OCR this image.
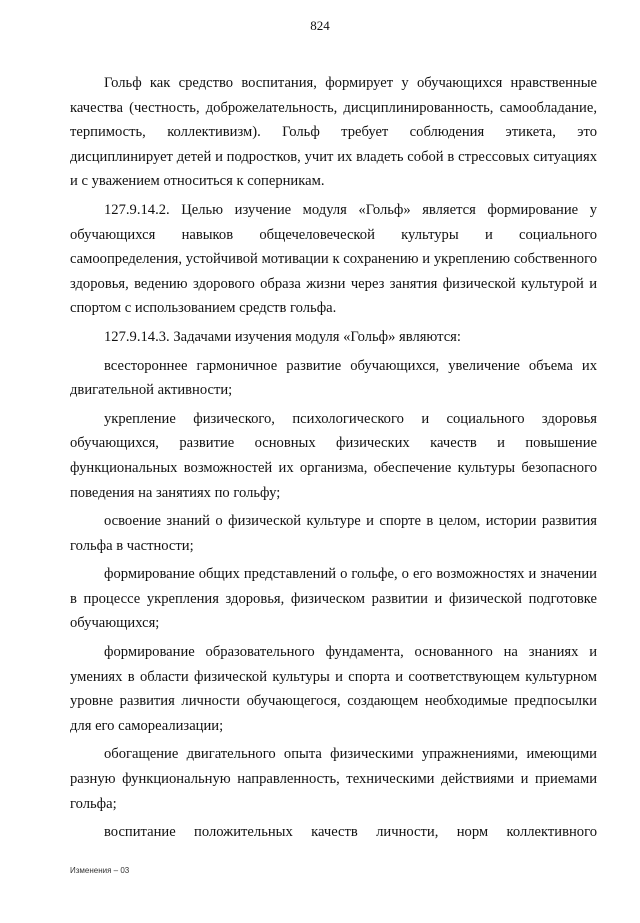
824

Гольф как средство воспитания, формирует у обучающихся нравственные качества (честность, доброжелательность, дисциплинированность, самообладание, терпимость, коллективизм). Гольф требует соблюдения этикета, это дисциплинирует детей и подростков, учит их владеть собой в стрессовых ситуациях и с уважением относиться к соперникам.

127.9.14.2. Целью изучение модуля «Гольф» является формирование у обучающихся навыков общечеловеческой культуры и социального самоопределения, устойчивой мотивации к сохранению и укреплению собственного здоровья, ведению здорового образа жизни через занятия физической культурой и спортом с использованием средств гольфа.

127.9.14.3. Задачами изучения модуля «Гольф» являются:

всестороннее гармоничное развитие обучающихся, увеличение объема их двигательной активности;

укрепление физического, психологического и социального здоровья обучающихся, развитие основных физических качеств и повышение функциональных возможностей их организма, обеспечение культуры безопасного поведения на занятиях по гольфу;

освоение знаний о физической культуре и спорте в целом, истории развития гольфа в частности;

формирование общих представлений о гольфе, о его возможностях и значении в процессе укрепления здоровья, физическом развитии и физической подготовке обучающихся;

формирование образовательного фундамента, основанного на знаниях и умениях в области физической культуры и спорта и соответствующем культурном уровне развития личности обучающегося, создающем необходимые предпосылки для его самореализации;

обогащение двигательного опыта физическими упражнениями, имеющими разную функциональную направленность, техническими действиями и приемами гольфа;

воспитание положительных качеств личности, норм коллективного

Изменения – 03
